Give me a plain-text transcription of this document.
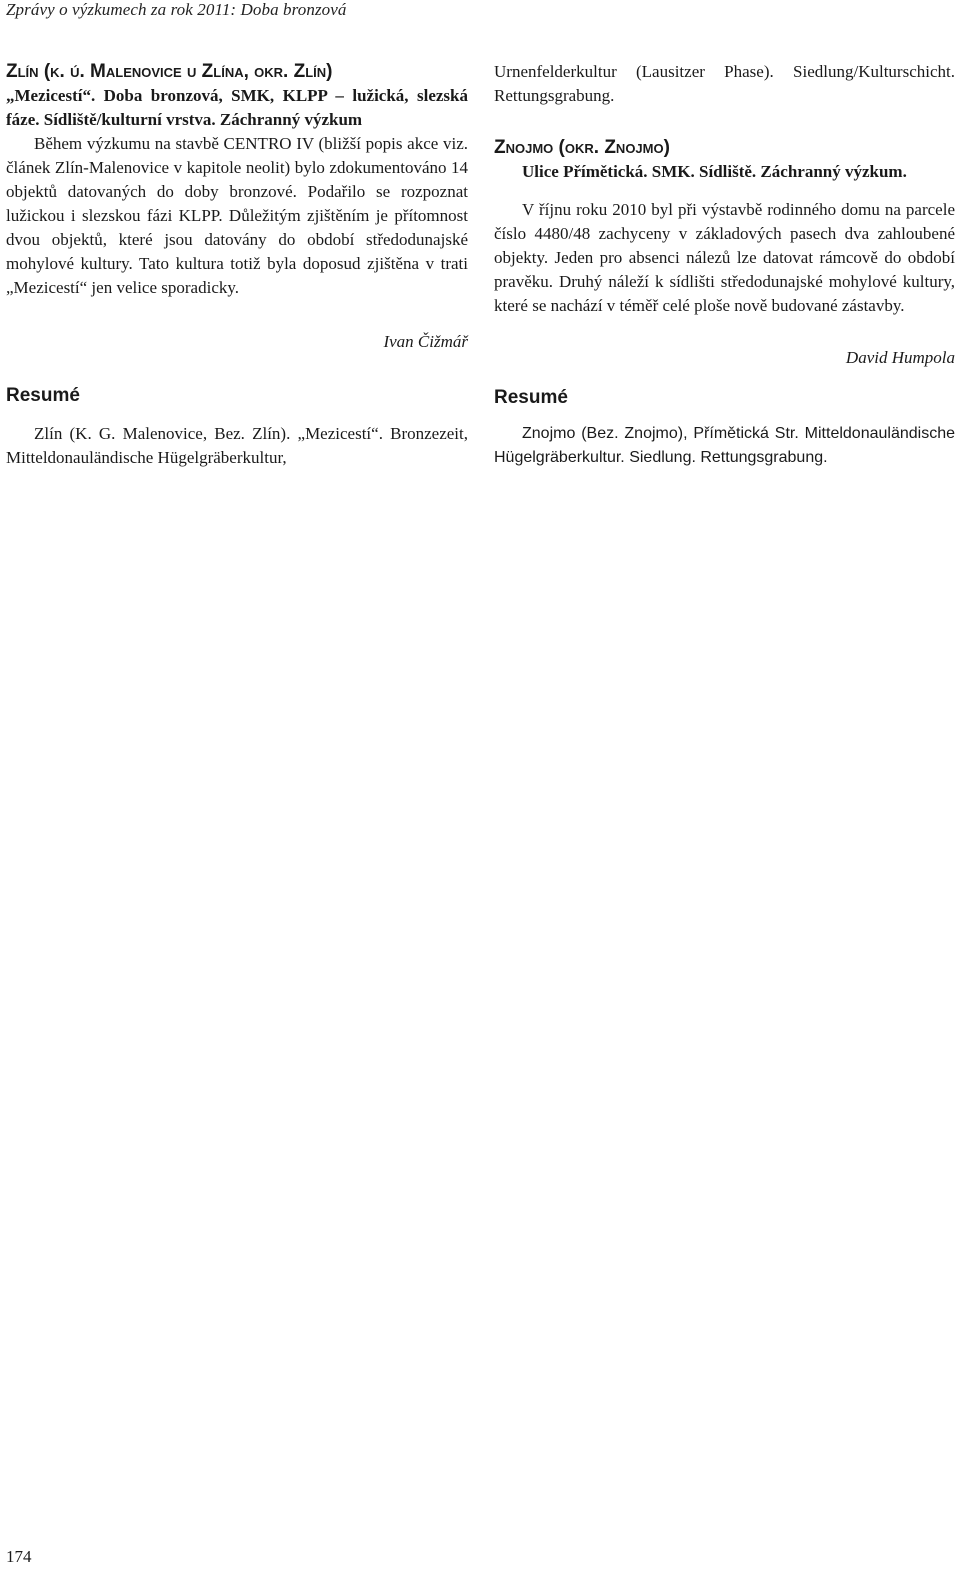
Zprávy o výzkumech za rok 2011: Doba bronzová
Zlín (k. ú. Malenovice u Zlína, okr. Zlín)

„Mezicestí“. Doba bronzová, SMK, KLPP – lužická, slezská fáze. Sídliště/kulturní vrstva. Záchranný výzkum

Během výzkumu na stavbě CENTRO IV (bližší popis akce viz. článek Zlín-Malenovice v kapitole neolit) bylo zdokumentováno 14 objektů datovaných do doby bronzové. Podařilo se rozpoznat lužickou i slezskou fázi KLPP. Důležitým zjištěním je přítomnost dvou objektů, které jsou datovány do období středodunajské mohylové kultury. Tato kultura totiž byla doposud zjištěna v trati „Mezicestí“ jen velice sporadicky.

Ivan Čižmář

Resumé

Zlín (K. G. Malenovice, Bez. Zlín). „Mezicestí“. Bronzezeit, Mitteldonauländische Hügelgräberkultur,

Urnenfelderkultur (Lausitzer Phase). Siedlung/Kulturschicht. Rettungsgrabung.

Znojmo (okr. Znojmo)

Ulice Přímětická. SMK. Sídliště. Záchranný výzkum.

V říjnu roku 2010 byl při výstavbě rodinného domu na parcele číslo 4480/48 zachyceny v základových pasech dva zahloubené objekty. Jeden pro absenci nálezů lze datovat rámcově do období pravěku. Druhý náleží k sídlišti středodunajské mohylové kultury, které se nachází v téměř celé ploše nově budované zástavby.

David Humpola

Resumé

Znojmo (Bez. Znojmo), Přímětická Str. Mitteldonauländische Hügelgräberkultur. Siedlung. Rettungsgrabung.

174
